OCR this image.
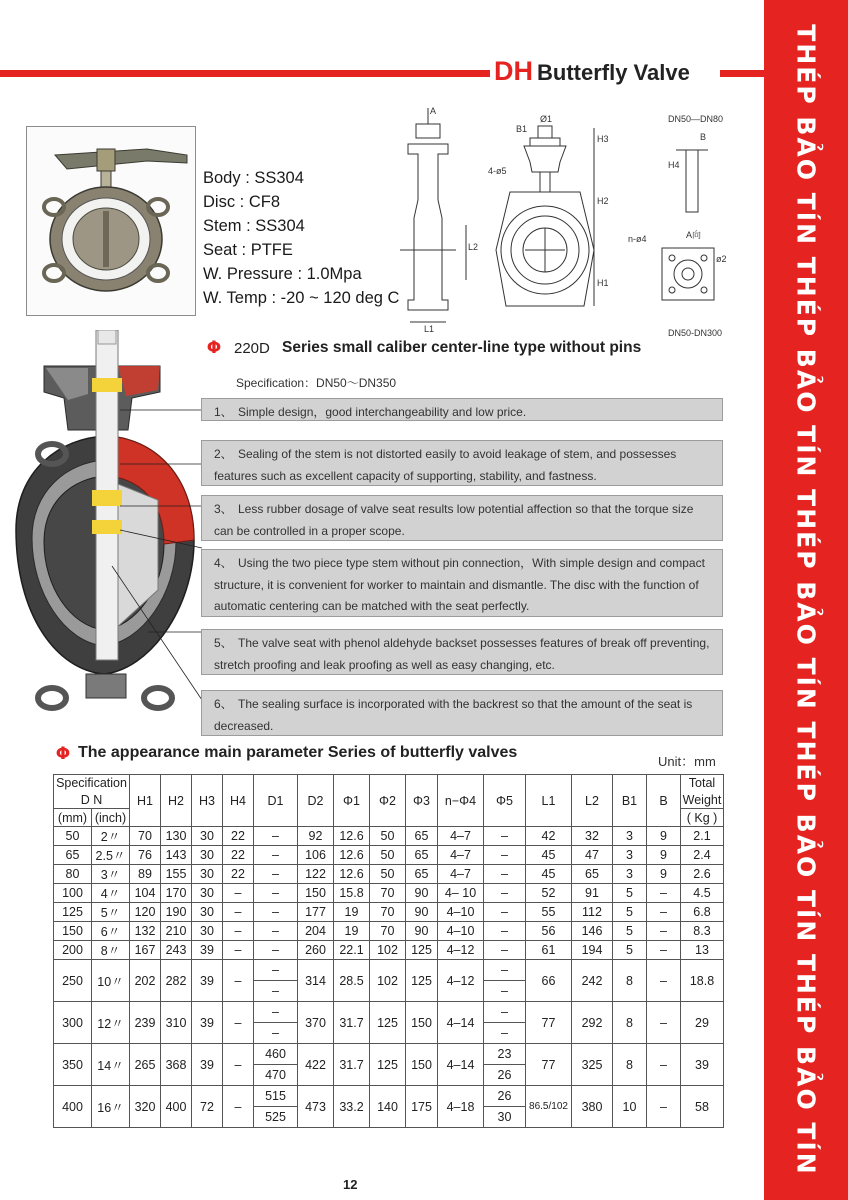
THÉP BẢO TÍN THÉP BẢO TÍN THÉP BẢO TÍN THÉP BẢO TÍN THÉP BẢO TÍN
DH Butterfly Valve
Body : SS304
Disc : CF8
Stem : SS304
Seat : PTFE
W. Pressure : 1.0Mpa
W. Temp : -20 ~ 120 deg C
A
B1
Ø1
H3
H2
H1
L1
L2
4-ø5
DN50—DN80
B
H4
A向
n-ø4
ø2
DN50-DN300
Φ 220D Series small caliber center-line type without pins
Specification：DN50～DN350
1、 Simple design，good interchangeability and low price.
2、 Sealing of the stem is not distorted easily to avoid leakage of stem, and possesses features such as excellent capacity of supporting, stability, and fastness.
3、 Less rubber dosage of valve seat results low potential affection so that the torque size can be controlled in a proper scope.
4、 Using the two piece type stem without pin connection，With simple design and compact structure, it is convenient for worker to maintain and dismantle. The disc with the function of automatic centering can be matched with the seat perfectly.
5、 The valve seat with phenol aldehyde backset possesses features of break off preventing, stretch proofing and leak proofing as well as easy changing, etc.
6、 The sealing surface is incorporated with the backrest so that the amount of the seat is decreased.
Φ The appearance main parameter Series of butterfly valves
Unit：mm
Specification		H1	H2	H3	H4	D1	D2	Φ1	Φ2	Φ3	n−Φ4	Φ5	L1	L2	B1	B	Total
D N																	Weight
(mm)	(inch)																( Kg )
50	2〃	70	130	30	22	–	92	12.6	50	65	4–7	–	42	32	3	9	2.1
65	2.5〃	76	143	30	22	–	106	12.6	50	65	4–7	–	45	47	3	9	2.4
80	3〃	89	155	30	22	–	122	12.6	50	65	4–7	–	45	65	3	9	2.6
100	4〃	104	170	30	–	–	150	15.8	70	90	4– 10	–	52	91	5	–	4.5
125	5〃	120	190	30	–	–	177	19	70	90	4–10	–	55	112	5	–	6.8
150	6〃	132	210	30	–	–	204	19	70	90	4–10	–	56	146	5	–	8.3
200	8〃	167	243	39	–	–	260	22.1	102	125	4–12	–	61	194	5	–	13
250	10〃	202	282	39	–	–	314	28.5	102	125	4–12	–	66	242	8	–	18.8
						–						–					
300	12〃	239	310	39	–	–	370	31.7	125	150	4–14	–	77	292	8	–	29
						–						–					
350	14〃	265	368	39	–	460	422	31.7	125	150	4–14	23	77	325	8	–	39
						470						26					
400	16〃	320	400	72	–	515	473	33.2	140	175	4–18	26	86.5/102	380	10	–	58
						525						30					
12
